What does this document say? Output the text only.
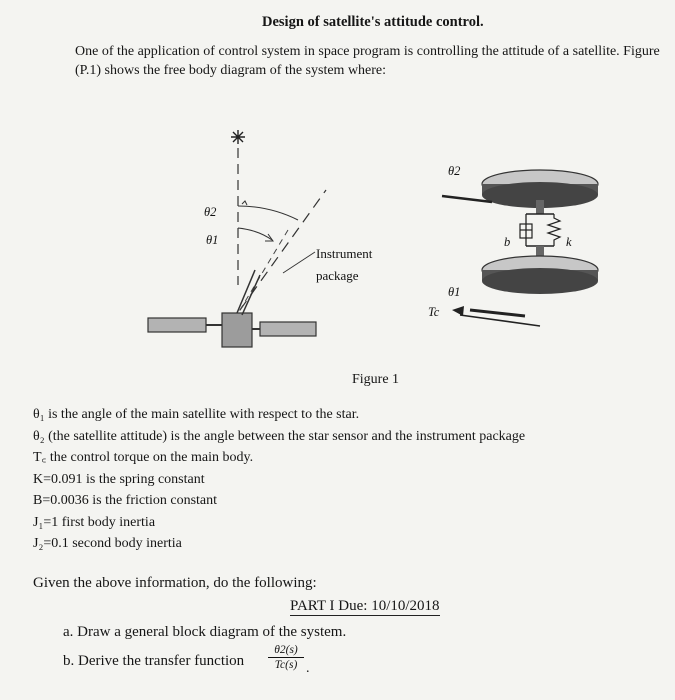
Design of satellite's attitude control.
One of the application of control system in space program is controlling the attitude of a satellite. Figure (P.1) shows the free body diagram of the system where:
θ2
θ1
Instrument
package
θ2
b	k
θ1
Tc
Figure 1
θ₁ is the angle of the main satellite with respect to the star.
θ₂ (the satellite attitude) is the angle between the star sensor and the instrument package
T꜀ the control torque on the main body.
K=0.091 is the spring constant
B=0.0036 is the friction constant
J₁=1 first body inertia
J₂=0.1 second body inertia
Given the above information, do the following:
PART I Due: 10/10/2018
a. Draw a general block diagram of the system.
b. Derive the transfer function $\frac{\theta 2(s)}{Tc(s)}$ .
